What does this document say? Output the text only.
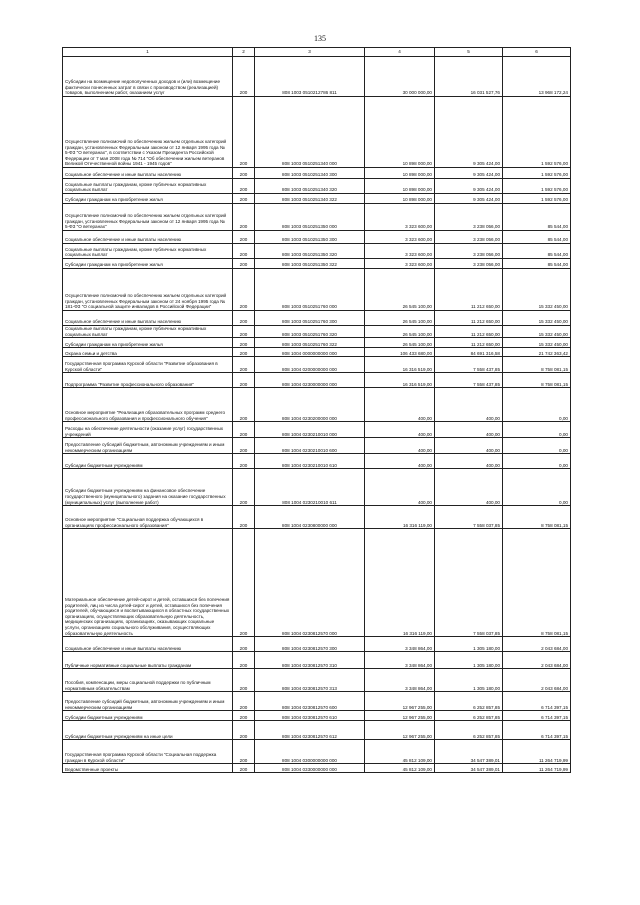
135
1	2	3	4	5	6
Субсидии на возмещение недополученных доходов и (или) возмещение фактически понесенных затрат в связи с производством (реализацией) товаров, выполнением работ, оказанием услуг	200	808 1003 0510212786 811	30 000 000,00	16 031 527,76	13 968 172,24
Осуществление полномочий по обеспечению жильем отдельных категорий граждан, установленных Федеральным законом от 12 января 1995 года № 5-ФЗ "О ветеранах", в соответствии с Указом Президента Российской Федерации от 7 мая 2008 года № 714 "Об обеспечении жильем ветеранов Великой Отечественной войны 1941 - 1945 годов"	200	808 1003 0510251340 000	10 898 000,00	9 305 424,00	1 592 576,00
Социальное обеспечение и иные выплаты населению	200	808 1003 0510251340 300	10 898 000,00	9 305 424,00	1 592 576,00
Социальные выплаты гражданам, кроме публичных нормативных социальных выплат	200	808 1003 0510251340 320	10 898 000,00	9 305 424,00	1 592 576,00
Субсидии гражданам на приобретение жилья	200	808 1003 0510251340 322	10 898 000,00	9 305 424,00	1 592 576,00
Осуществление полномочий по обеспечению жильем отдельных категорий граждан, установленных Федеральным законом от 12 января 1995 года № 5-ФЗ "О ветеранах"	200	808 1003 0510251350 000	3 323 600,00	3 238 056,00	85 544,00
Социальное обеспечение и иные выплаты населению	200	808 1003 0510251350 300	3 323 600,00	3 238 056,00	85 544,00
Социальные выплаты гражданам, кроме публичных нормативных социальных выплат	200	808 1003 0510251350 320	3 323 600,00	3 238 056,00	85 544,00
Субсидии гражданам на приобретение жилья	200	808 1003 0510251350 322	3 323 600,00	3 238 056,00	85 544,00
Осуществление полномочий по обеспечению жильем отдельных категорий граждан, установленных Федеральным законом от 24 ноября 1995 года № 181-ФЗ "О социальной защите инвалидов в Российской Федерации"	200	808 1003 0510251760 000	26 545 100,00	11 212 650,00	15 332 450,00
Социальное обеспечение и иные выплаты населению	200	808 1003 0510251760 300	26 545 100,00	11 212 650,00	15 332 450,00
Социальные выплаты гражданам, кроме публичных нормативных социальных выплат	200	808 1003 0510251760 320	26 545 100,00	11 212 650,00	15 332 450,00
Субсидии гражданам на приобретение жилья	200	808 1003 0510251760 322	26 545 100,00	11 212 650,00	15 332 450,00
Охрана семьи и детства	200	808 1004 0000000000 000	106 433 680,00	84 691 316,58	21 742 363,42
Государственная программа Курской области "Развитие образования в Курской области"	200	808 1004 0200000000 000	16 316 519,00	7 558 437,85	8 758 081,15
Подпрограмма "Развитие профессионального образования"	200	808 1004 0230000000 000	16 316 519,00	7 558 437,85	8 758 081,15
Основное мероприятие "Реализация образовательных программ среднего профессионального образования и профессионального обучения"	200	808 1004 0230200000 000	400,00	400,00	0,00
Расходы на обеспечение деятельности (оказание услуг) государственных учреждений	200	808 1004 0230210010 000	400,00	400,00	0,00
Предоставление субсидий бюджетным, автономным учреждениям и иным некоммерческим организациям	200	808 1004 0230210010 600	400,00	400,00	0,00
Субсидии бюджетным учреждениям	200	808 1004 0230210010 610	400,00	400,00	0,00
Субсидии бюджетным учреждениям на финансовое обеспечение государственного (муниципального) задания на оказание государственных (муниципальных) услуг (выполнение работ)	200	808 1004 0230210010 611	400,00	400,00	0,00
Основное мероприятие "Социальная поддержка обучающихся в организациях профессионального образования"	200	808 1004 0230800000 000	16 316 119,00	7 558 037,85	8 758 081,15
Материальное обеспечение детей-сирот и детей, оставшихся без попечения родителей, лиц из числа детей-сирот и детей, оставшихся без попечения родителей, обучающихся и воспитывающихся в областных государственных организациях, осуществляющих образовательную деятельность, медицинских организациях, организациях, оказывающих социальные услуги, организациях социального обслуживания, осуществляющих образовательную деятельность	200	808 1004 0230812570 000	16 316 119,00	7 558 037,85	8 758 081,15
Социальное обеспечение и иные выплаты населению	200	808 1004 0230812570 300	3 348 864,00	1 305 180,00	2 043 684,00
Публичные нормативные социальные выплаты гражданам	200	808 1004 0230812570 310	3 348 864,00	1 305 180,00	2 043 684,00
Пособия, компенсации, меры социальной поддержки по публичным нормативным обязательствам	200	808 1004 0230812570 313	3 348 864,00	1 305 180,00	2 043 684,00
Предоставление субсидий бюджетным, автономным учреждениям и иным некоммерческим организациям	200	808 1004 0230812570 600	12 967 255,00	6 252 857,85	6 714 397,15
Субсидии бюджетным учреждениям	200	808 1004 0230812570 610	12 967 255,00	6 252 857,85	6 714 397,15
Субсидии бюджетным учреждениям на иные цели	200	808 1004 0230812570 612	12 967 255,00	6 252 857,85	6 714 397,15
Государственная программа Курской области "Социальная поддержка граждан в Курской области"	200	808 1004 0300000000 000	45 812 109,00	34 547 389,01	11 264 719,99
Ведомственные проекты	200	808 1004 0330000000 000	45 812 109,00	34 547 389,01	11 264 719,99
